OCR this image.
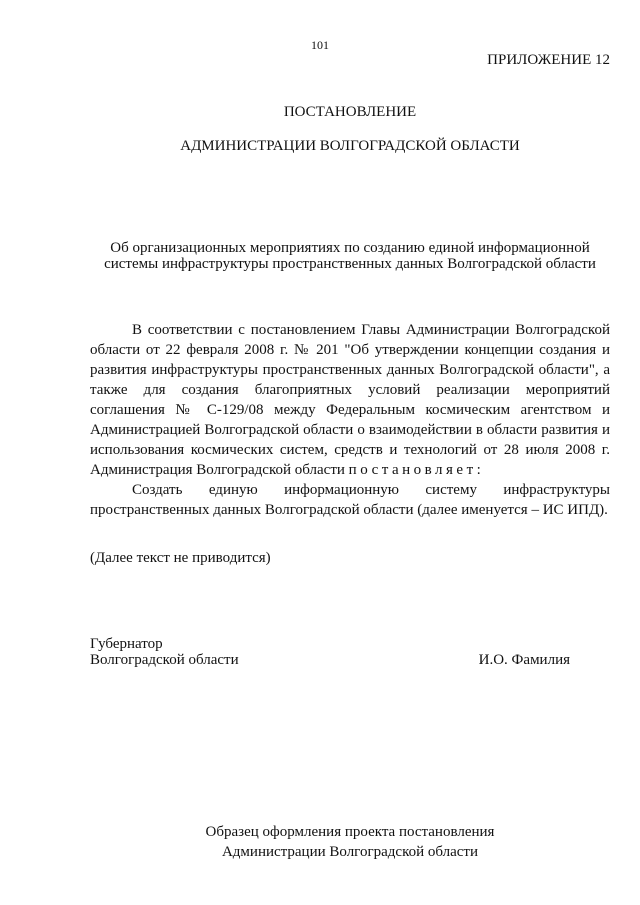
101
ПРИЛОЖЕНИЕ 12
ПОСТАНОВЛЕНИЕ
АДМИНИСТРАЦИИ ВОЛГОГРАДСКОЙ ОБЛАСТИ
Об организационных мероприятиях по созданию единой информационной
системы инфраструктуры пространственных данных Волгоградской области

В соответствии с постановлением Главы Администрации Волгоградской области от 22 февраля 2008 г. № 201 "Об утверждении концепции создания и развития инфраструктуры пространственных данных Волгоградской области", а также для создания благоприятных условий реализации мероприятий соглашения № С-129/08 между Федеральным космическим агентством и Администрацией Волгоградской области о взаимодействии в области развития и использования космических систем, средств и технологий от 28 июля 2008 г. Администрация Волгоградской области постановляет:

Создать единую информационную систему инфраструктуры пространственных данных Волгоградской области (далее именуется – ИС ИПД).

(Далее текст не приводится)
Губернатор
Волгоградской области	И.О. Фамилия
Образец оформления проекта постановления
Администрации Волгоградской области
